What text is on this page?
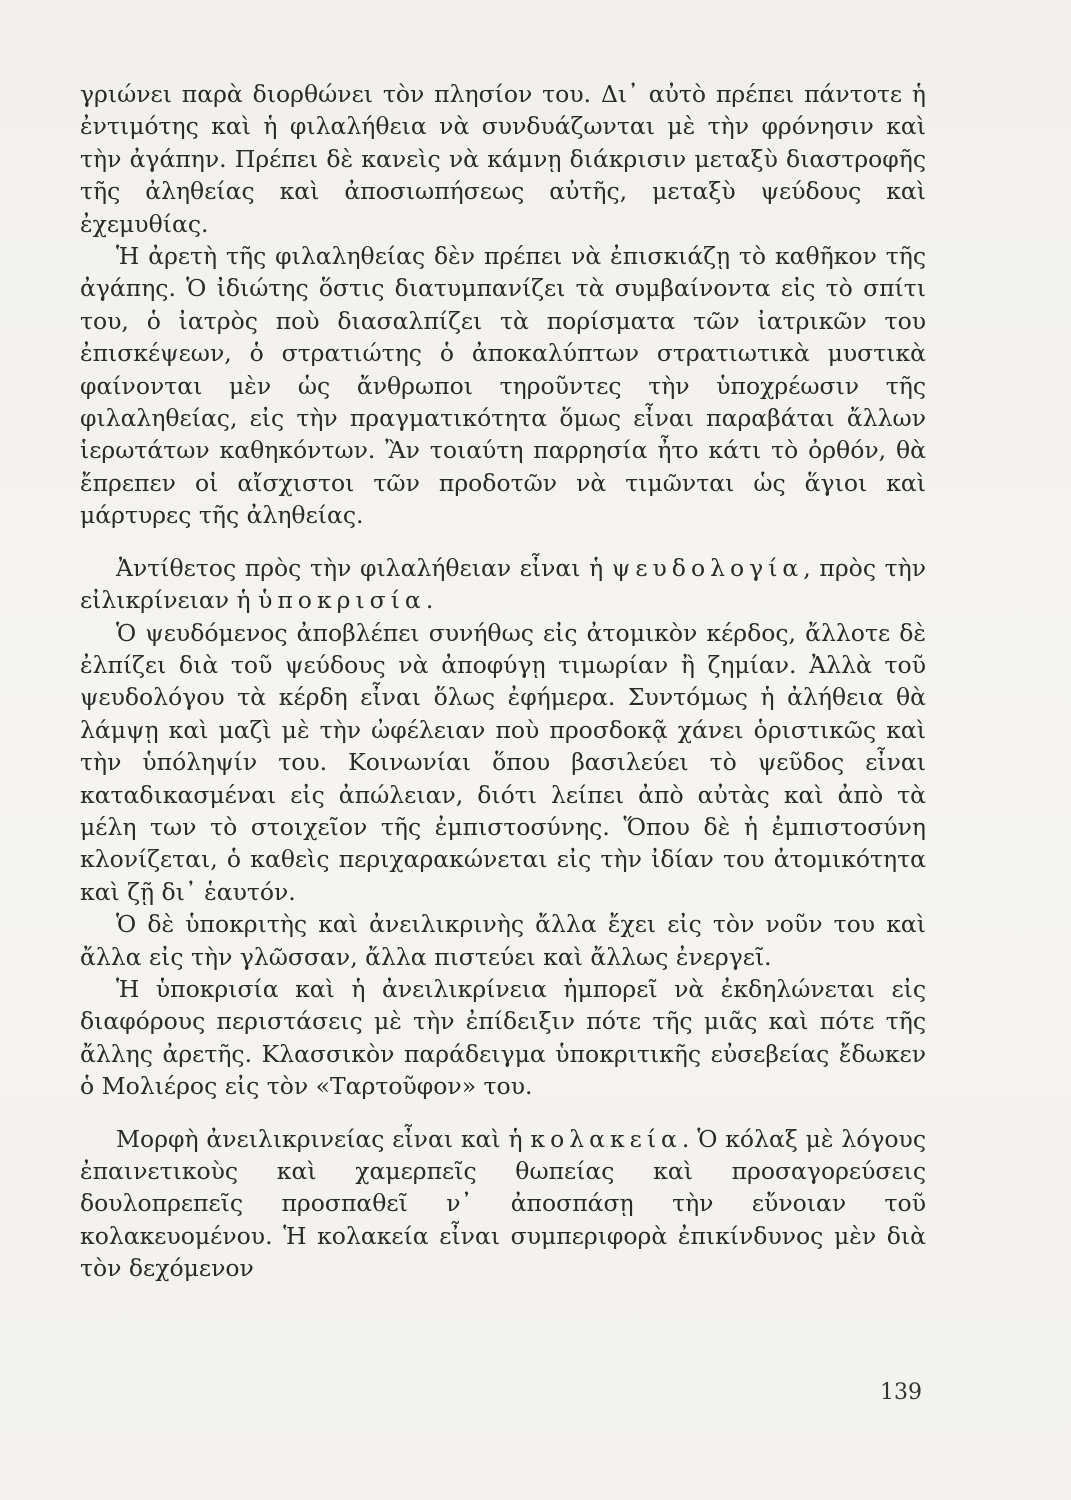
γριώνει παρὰ διορθώνει τὸν πλησίον του. Δι᾿ αὐτὸ πρέπει πάντοτε ἡ ἐντιμότης καὶ ἡ φιλαλήθεια νὰ συνδυάζωνται μὲ τὴν φρόνησιν καὶ τὴν ἀγάπην. Πρέπει δὲ κανεὶς νὰ κάμνῃ διάκρισιν μεταξὺ διαστροφῆς τῆς ἀληθείας καὶ ἀποσιωπήσεως αὐτῆς, μεταξὺ ψεύδους καὶ ἐχεμυθίας.

Ἡ ἀρετὴ τῆς φιλαληθείας δὲν πρέπει νὰ ἐπισκιάζῃ τὸ καθῆκον τῆς ἀγάπης. Ὁ ἰδιώτης ὅστις διατυμπανίζει τὰ συμβαίνοντα εἰς τὸ σπίτι του, ὁ ἰατρὸς ποὺ διασαλπίζει τὰ πορίσματα τῶν ἰατρικῶν του ἐπισκέψεων, ὁ στρατιώτης ὁ ἀποκαλύπτων στρατιωτικὰ μυστικὰ φαίνονται μὲν ὡς ἄνθρωποι τηροῦντες τὴν ὑποχρέωσιν τῆς φιλαληθείας, εἰς τὴν πραγματικότητα ὅμως εἶναι παραβάται ἄλλων ἱερωτάτων καθηκόντων. Ἂν τοιαύτη παρρησία ἦτο κάτι τὸ ὀρθόν, θὰ ἔπρεπεν οἱ αἴσχιστοι τῶν προδοτῶν νὰ τιμῶνται ὡς ἅγιοι καὶ μάρτυρες τῆς ἀληθείας.

Ἀντίθετος πρὸς τὴν φιλαλήθειαν εἶναι ἡ ψευδολογία, πρὸς τὴν εἰλικρίνειαν ἡ ὑποκρισία.

Ὁ ψευδόμενος ἀποβλέπει συνήθως εἰς ἀτομικὸν κέρδος, ἄλλοτε δὲ ἐλπίζει διὰ τοῦ ψεύδους νὰ ἀποφύγῃ τιμωρίαν ἢ ζημίαν. Ἀλλὰ τοῦ ψευδολόγου τὰ κέρδη εἶναι ὅλως ἐφήμερα. Συντόμως ἡ ἀλήθεια θὰ λάμψῃ καὶ μαζὶ μὲ τὴν ὠφέλειαν ποὺ προσδοκᾷ χάνει ὁριστικῶς καὶ τὴν ὑπόληψίν του. Κοινωνίαι ὅπου βασιλεύει τὸ ψεῦδος εἶναι καταδικασμέναι εἰς ἀπώλειαν, διότι λείπει ἀπὸ αὐτὰς καὶ ἀπὸ τὰ μέλη των τὸ στοιχεῖον τῆς ἐμπιστοσύνης. Ὅπου δὲ ἡ ἐμπιστοσύνη κλονίζεται, ὁ καθεὶς περιχαρακώνεται εἰς τὴν ἰδίαν του ἀτομικότητα καὶ ζῇ δι᾿ ἑαυτόν.

Ὁ δὲ ὑποκριτὴς καὶ ἀνειλικρινὴς ἄλλα ἔχει εἰς τὸν νοῦν του καὶ ἄλλα εἰς τὴν γλῶσσαν, ἄλλα πιστεύει καὶ ἄλλως ἐνεργεῖ.

Ἡ ὑποκρισία καὶ ἡ ἀνειλικρίνεια ἠμπορεῖ νὰ ἐκδηλώνεται εἰς διαφόρους περιστάσεις μὲ τὴν ἐπίδειξιν πότε τῆς μιᾶς καὶ πότε τῆς ἄλλης ἀρετῆς. Κλασσικὸν παράδειγμα ὑποκριτικῆς εὐσεβείας ἔδωκεν ὁ Μολιέρος εἰς τὸν «Ταρτοῦφον» του.

Μορφὴ ἀνειλικρινείας εἶναι καὶ ἡ κολακεία. Ὁ κόλαξ μὲ λόγους ἐπαινετικοὺς καὶ χαμερπεῖς θωπείας καὶ προσαγορεύσεις δουλοπρεπεῖς προσπαθεῖ ν᾿ ἀποσπάσῃ τὴν εὔνοιαν τοῦ κολακευομένου. Ἡ κολακεία εἶναι συμπεριφορὰ ἐπικίνδυνος μὲν διὰ τὸν δεχόμενον

139
